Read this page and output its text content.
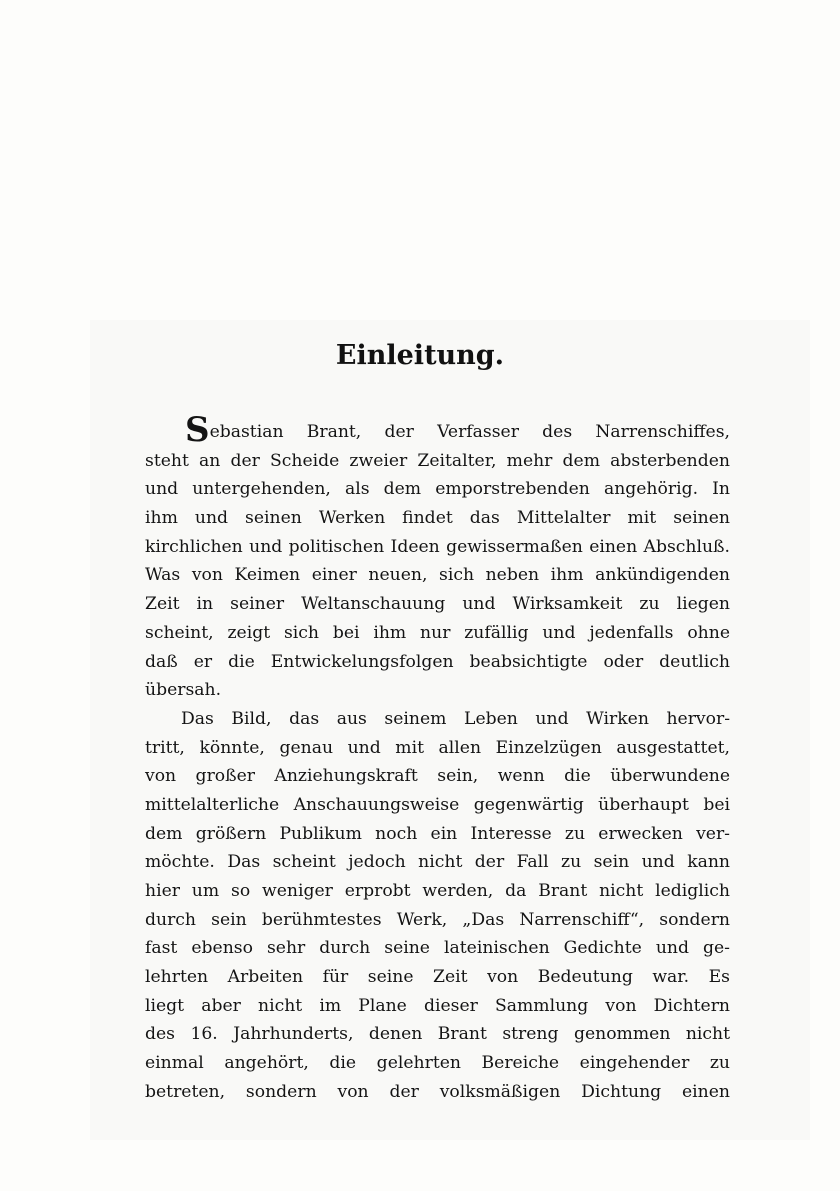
Einleitung.
Sebastian Brant, der Verfasser des Narrenschiffes,
steht an der Scheide zweier Zeitalter, mehr dem absterbenden
und untergehenden, als dem emporstrebenden angehörig. In
ihm und seinen Werken findet das Mittelalter mit seinen
kirchlichen und politischen Ideen gewissermaßen einen Abschluß.
Was von Keimen einer neuen, sich neben ihm ankündigenden
Zeit in seiner Weltanschauung und Wirksamkeit zu liegen
scheint, zeigt sich bei ihm nur zufällig und jedenfalls ohne
daß er die Entwickelungsfolgen beabsichtigte oder deutlich
übersah.
Das Bild, das aus seinem Leben und Wirken hervor-
tritt, könnte, genau und mit allen Einzelzügen ausgestattet,
von großer Anziehungskraft sein, wenn die überwundene
mittelalterliche Anschauungsweise gegenwärtig überhaupt bei
dem größern Publikum noch ein Interesse zu erwecken ver-
möchte. Das scheint jedoch nicht der Fall zu sein und kann
hier um so weniger erprobt werden, da Brant nicht lediglich
durch sein berühmtestes Werk, „Das Narrenschiff“, sondern
fast ebenso sehr durch seine lateinischen Gedichte und ge-
lehrten Arbeiten für seine Zeit von Bedeutung war. Es
liegt aber nicht im Plane dieser Sammlung von Dichtern
des 16. Jahrhunderts, denen Brant streng genommen nicht
einmal angehört, die gelehrten Bereiche eingehender zu
betreten, sondern von der volksmäßigen Dichtung einen
